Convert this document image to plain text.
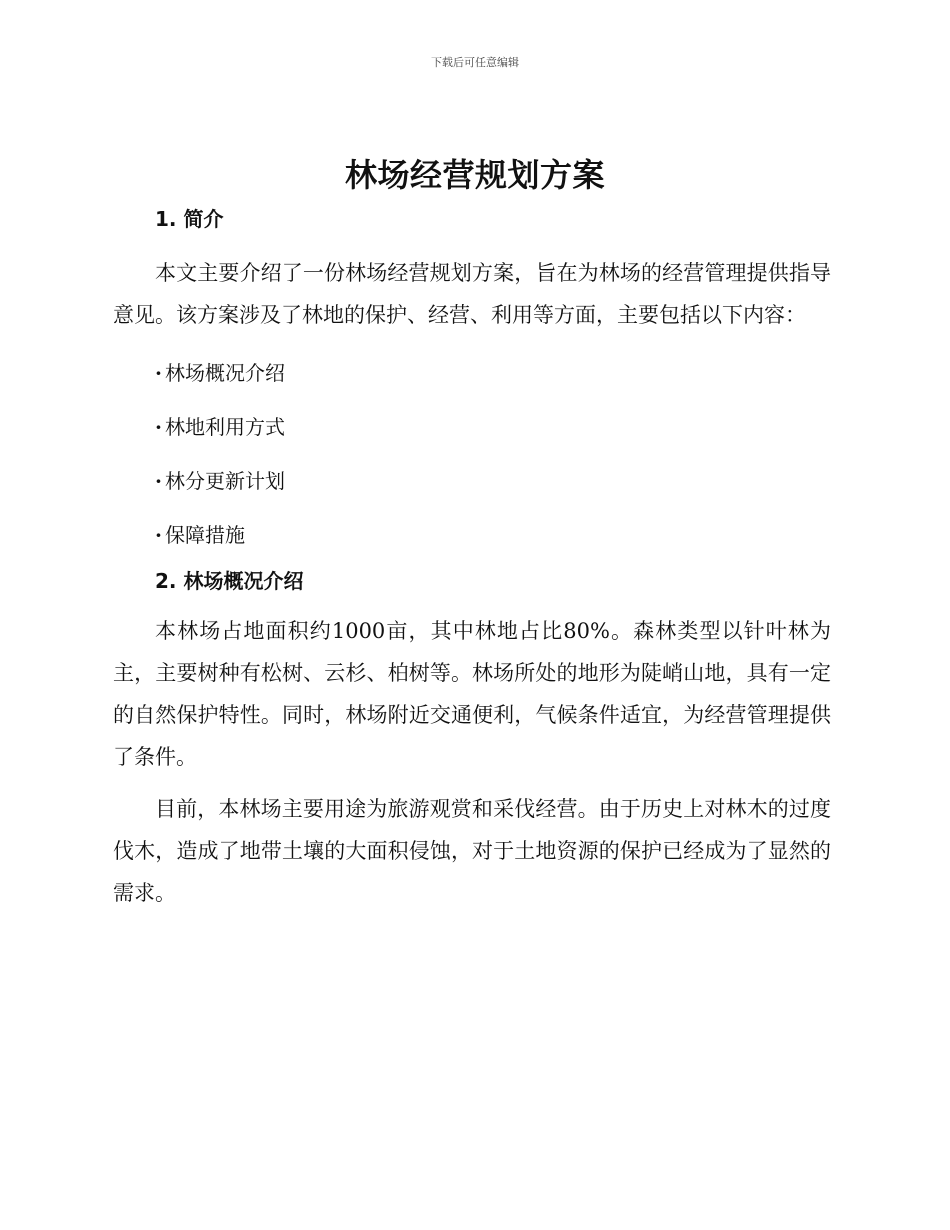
下载后可任意编辑
林场经营规划方案
1. 简介

本文主要介绍了一份林场经营规划方案，旨在为林场的经营管理提供指导意见。该方案涉及了林地的保护、经营、利用等方面，主要包括以下内容：

· 林场概况介绍
· 林地利用方式
· 林分更新计划
· 保障措施
2. 林场概况介绍

本林场占地面积约1000亩，其中林地占比80%。森林类型以针叶林为主，主要树种有松树、云杉、柏树等。林场所处的地形为陡峭山地，具有一定的自然保护特性。同时，林场附近交通便利，气候条件适宜，为经营管理提供了条件。

目前，本林场主要用途为旅游观赏和采伐经营。由于历史上对林木的过度伐木，造成了地带土壤的大面积侵蚀，对于土地资源的保护已经成为了显然的需求。
